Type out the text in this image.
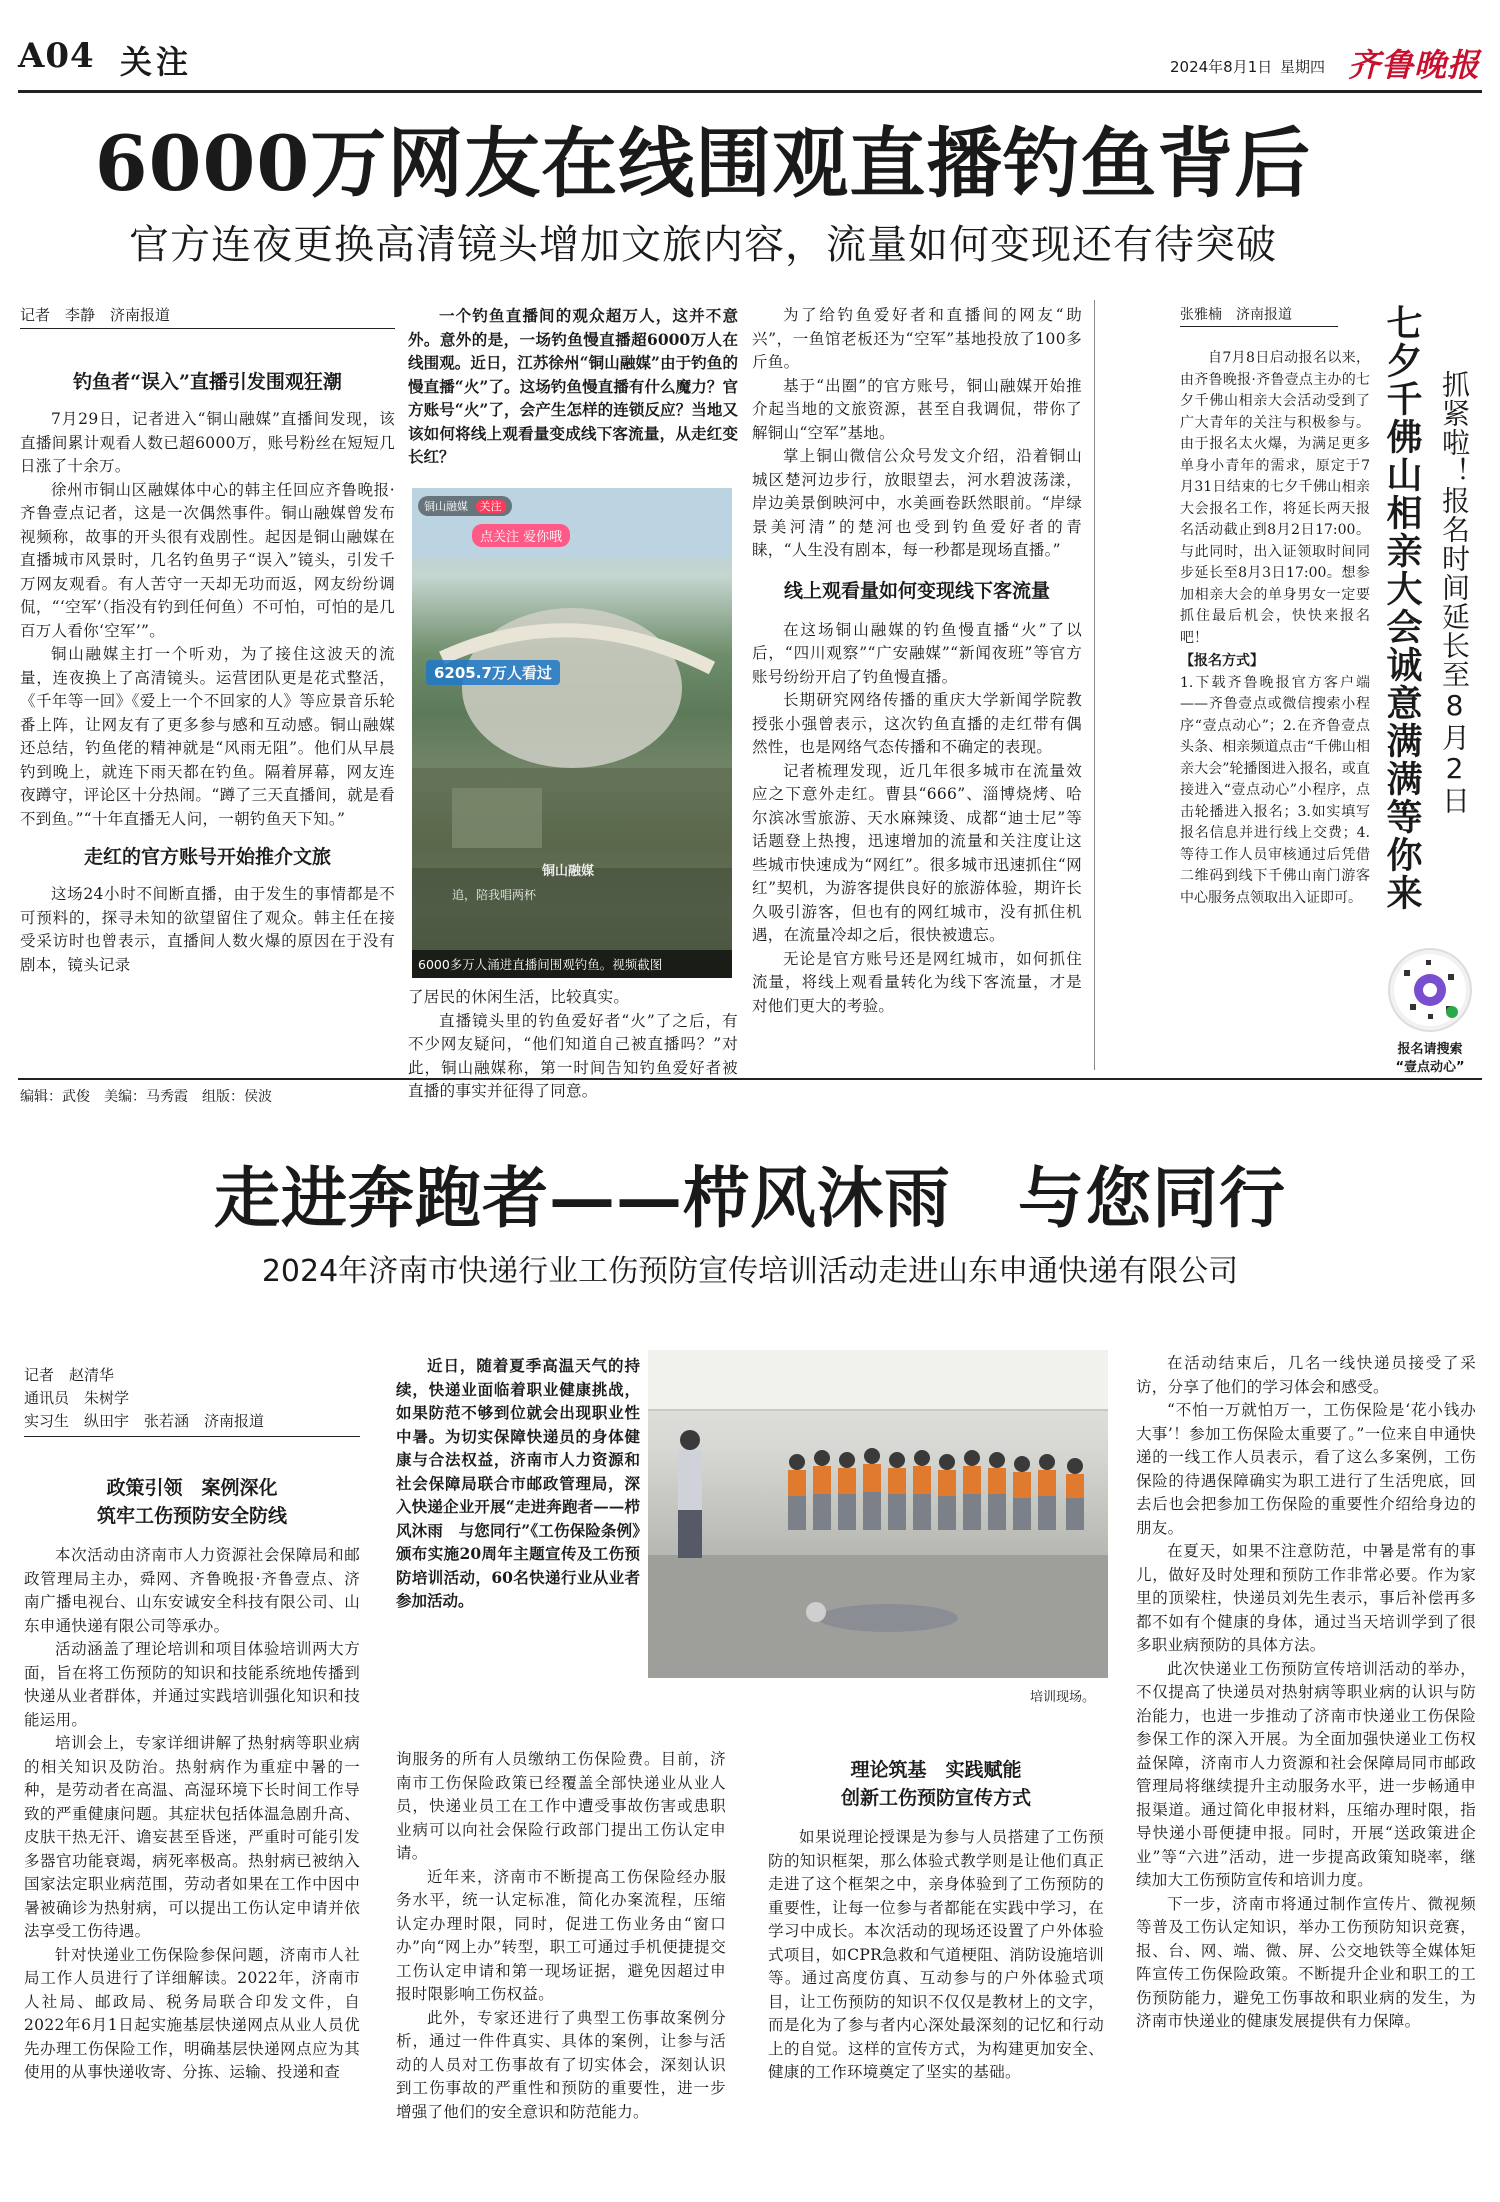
A04 关注	2024年8月1日 星期四 齐鲁晚报
6000万网友在线围观直播钓鱼背后
官方连夜更换高清镜头增加文旅内容，流量如何变现还有待突破
记者　李静　济南报道
钓鱼者“误入”直播引发围观狂潮

7月29日，记者进入“铜山融媒”直播间发现，该直播间累计观看人数已超6000万，账号粉丝在短短几日涨了十余万。

徐州市铜山区融媒体中心的韩主任回应齐鲁晚报·齐鲁壹点记者，这是一次偶然事件。铜山融媒曾发布视频称，故事的开头很有戏剧性。起因是铜山融媒在直播城市风景时，几名钓鱼男子“误入”镜头，引发千万网友观看。有人苦守一天却无功而返，网友纷纷调侃，“‘空军’（指没有钓到任何鱼）不可怕，可怕的是几百万人看你‘空军’”。

铜山融媒主打一个听劝，为了接住这波天的流量，连夜换上了高清镜头。运营团队更是花式整活，《千年等一回》《爱上一个不回家的人》等应景音乐轮番上阵，让网友有了更多参与感和互动感。铜山融媒还总结，钓鱼佬的精神就是“风雨无阻”。他们从早晨钓到晚上，就连下雨天都在钓鱼。隔着屏幕，网友连夜蹲守，评论区十分热闹。“蹲了三天直播间，就是看不到鱼。”“十年直播无人问，一朝钓鱼天下知。”

走红的官方账号开始推介文旅

这场24小时不间断直播，由于发生的事情都是不可预料的，探寻未知的欲望留住了观众。韩主任在接受采访时也曾表示，直播间人数火爆的原因在于没有剧本，镜头记录

一个钓鱼直播间的观众超万人，这并不意外。意外的是，一场钓鱼慢直播超6000万人在线围观。近日，江苏徐州“铜山融媒”由于钓鱼的慢直播“火”了。这场钓鱼慢直播有什么魔力？官方账号“火”了，会产生怎样的连锁反应？当地又该如何将线上观看量变成线下客流量，从走红变长红？
铜山融媒 关注
点关注 爱你哦
6205.7万人看过
铜山融媒
追，陪我唱两杯
6000多万人涌进直播间围观钓鱼。视频截图

了居民的休闲生活，比较真实。

直播镜头里的钓鱼爱好者“火”了之后，有不少网友疑问，“他们知道自己被直播吗？”对此，铜山融媒称，第一时间告知钓鱼爱好者被直播的事实并征得了同意。

为了给钓鱼爱好者和直播间的网友“助兴”，一鱼馆老板还为“空军”基地投放了100多斤鱼。

基于“出圈”的官方账号，铜山融媒开始推介起当地的文旅资源，甚至自我调侃，带你了解铜山“空军”基地。

掌上铜山微信公众号发文介绍，沿着铜山城区楚河边步行，放眼望去，河水碧波荡漾，岸边美景倒映河中，水美画卷跃然眼前。“岸绿景美河清”的楚河也受到钓鱼爱好者的青睐，“人生没有剧本，每一秒都是现场直播。”

线上观看量如何变现线下客流量

在这场铜山融媒的钓鱼慢直播“火”了以后，“四川观察”“广安融媒”“新闻夜班”等官方账号纷纷开启了钓鱼慢直播。

长期研究网络传播的重庆大学新闻学院教授张小强曾表示，这次钓鱼直播的走红带有偶然性，也是网络气态传播和不确定的表现。

记者梳理发现，近几年很多城市在流量效应之下意外走红。曹县“666”、淄博烧烤、哈尔滨冰雪旅游、天水麻辣烫、成都“迪士尼”等话题登上热搜，迅速增加的流量和关注度让这些城市快速成为“网红”。很多城市迅速抓住“网红”契机，为游客提供良好的旅游体验，期许长久吸引游客，但也有的网红城市，没有抓住机遇，在流量冷却之后，很快被遗忘。

无论是官方账号还是网红城市，如何抓住流量，将线上观看量转化为线下客流量，才是对他们更大的考验。

张雅楠　济南报道 七夕千佛山相亲大会诚意满满等你来 抓紧啦！报名时间延长至8月2日

自7月8日启动报名以来，由齐鲁晚报·齐鲁壹点主办的七夕千佛山相亲大会活动受到了广大青年的关注与积极参与。由于报名太火爆，为满足更多单身小青年的需求，原定于7月31日结束的七夕千佛山相亲大会报名工作，将延长两天报名活动截止到8月2日17:00。与此同时，出入证领取时间同步延长至8月3日17:00。想参加相亲大会的单身男女一定要抓住最后机会，快快来报名吧！

【报名方式】

1.下载齐鲁晚报官方客户端——齐鲁壹点或微信搜索小程序“壹点动心”；2.在齐鲁壹点头条、相亲频道点击“千佛山相亲大会”轮播图进入报名，或直接进入“壹点动心”小程序，点击轮播进入报名；3.如实填写报名信息并进行线上交费；4.等待工作人员审核通过后凭借二维码到线下千佛山南门游客中心服务点领取出入证即可。

报名请搜索
“壹点动心”
编辑：武俊　美编：马秀霞　组版：侯波
走进奔跑者——栉风沐雨　与您同行
2024年济南市快递行业工伤预防宣传培训活动走进山东申通快递有限公司
记者　赵清华
通讯员　朱树学
实习生　纵田宇　张若涵　济南报道
政策引领　案例深化
筑牢工伤预防安全防线

本次活动由济南市人力资源社会保障局和邮政管理局主办，舜网、齐鲁晚报·齐鲁壹点、济南广播电视台、山东安诚安全科技有限公司、山东申通快递有限公司等承办。

活动涵盖了理论培训和项目体验培训两大方面，旨在将工伤预防的知识和技能系统地传播到快递从业者群体，并通过实践培训强化知识和技能运用。

培训会上，专家详细讲解了热射病等职业病的相关知识及防治。热射病作为重症中暑的一种，是劳动者在高温、高湿环境下长时间工作导致的严重健康问题。其症状包括体温急剧升高、皮肤干热无汗、谵妄甚至昏迷，严重时可能引发多器官功能衰竭，病死率极高。热射病已被纳入国家法定职业病范围，劳动者如果在工作中因中暑被确诊为热射病，可以提出工伤认定申请并依法享受工伤待遇。

针对快递业工伤保险参保问题，济南市人社局工作人员进行了详细解读。2022年，济南市人社局、邮政局、税务局联合印发文件，自2022年6月1日起实施基层快递网点从业人员优先办理工伤保险工作，明确基层快递网点应为其使用的从事快递收寄、分拣、运输、投递和查

近日，随着夏季高温天气的持续，快递业面临着职业健康挑战，如果防范不够到位就会出现职业性中暑。为切实保障快递员的身体健康与合法权益，济南市人力资源和社会保障局联合市邮政管理局，深入快递企业开展“走进奔跑者——栉风沐雨　与您同行”《工伤保险条例》颁布实施20周年主题宣传及工伤预防培训活动，60名快递行业从业者参加活动。
培训现场。

询服务的所有人员缴纳工伤保险费。目前，济南市工伤保险政策已经覆盖全部快递业从业人员，快递业员工在工作中遭受事故伤害或患职业病可以向社会保险行政部门提出工伤认定申请。

近年来，济南市不断提高工伤保险经办服务水平，统一认定标准，简化办案流程，压缩认定办理时限，同时，促进工伤业务由“窗口办”向“网上办”转型，职工可通过手机便捷提交工伤认定申请和第一现场证据，避免因超过申报时限影响工伤权益。

此外，专家还进行了典型工伤事故案例分析，通过一件件真实、具体的案例，让参与活动的人员对工伤事故有了切实体会，深刻认识到工伤事故的严重性和预防的重要性，进一步增强了他们的安全意识和防范能力。

理论筑基　实践赋能
创新工伤预防宣传方式

如果说理论授课是为参与人员搭建了工伤预防的知识框架，那么体验式教学则是让他们真正走进了这个框架之中，亲身体验到了工伤预防的重要性，让每一位参与者都能在实践中学习，在学习中成长。本次活动的现场还设置了户外体验式项目，如CPR急救和气道梗阻、消防设施培训等。通过高度仿真、互动参与的户外体验式项目，让工伤预防的知识不仅仅是教材上的文字，而是化为了参与者内心深处最深刻的记忆和行动上的自觉。这样的宣传方式，为构建更加安全、健康的工作环境奠定了坚实的基础。

在活动结束后，几名一线快递员接受了采访，分享了他们的学习体会和感受。

“不怕一万就怕万一，工伤保险是‘花小钱办大事’！参加工伤保险太重要了。”一位来自申通快递的一线工作人员表示，看了这么多案例，工伤保险的待遇保障确实为职工进行了生活兜底，回去后也会把参加工伤保险的重要性介绍给身边的朋友。

在夏天，如果不注意防范，中暑是常有的事儿，做好及时处理和预防工作非常必要。作为家里的顶梁柱，快递员刘先生表示，事后补偿再多都不如有个健康的身体，通过当天培训学到了很多职业病预防的具体方法。

此次快递业工伤预防宣传培训活动的举办，不仅提高了快递员对热射病等职业病的认识与防治能力，也进一步推动了济南市快递业工伤保险参保工作的深入开展。为全面加强快递业工伤权益保障，济南市人力资源和社会保障局同市邮政管理局将继续提升主动服务水平，进一步畅通申报渠道。通过简化申报材料，压缩办理时限，指导快递小哥便捷申报。同时，开展“送政策进企业”等“六进”活动，进一步提高政策知晓率，继续加大工伤预防宣传和培训力度。

下一步，济南市将通过制作宣传片、微视频等普及工伤认定知识，举办工伤预防知识竞赛，报、台、网、端、微、屏、公交地铁等全媒体矩阵宣传工伤保险政策。不断提升企业和职工的工伤预防能力，避免工伤事故和职业病的发生，为济南市快递业的健康发展提供有力保障。
